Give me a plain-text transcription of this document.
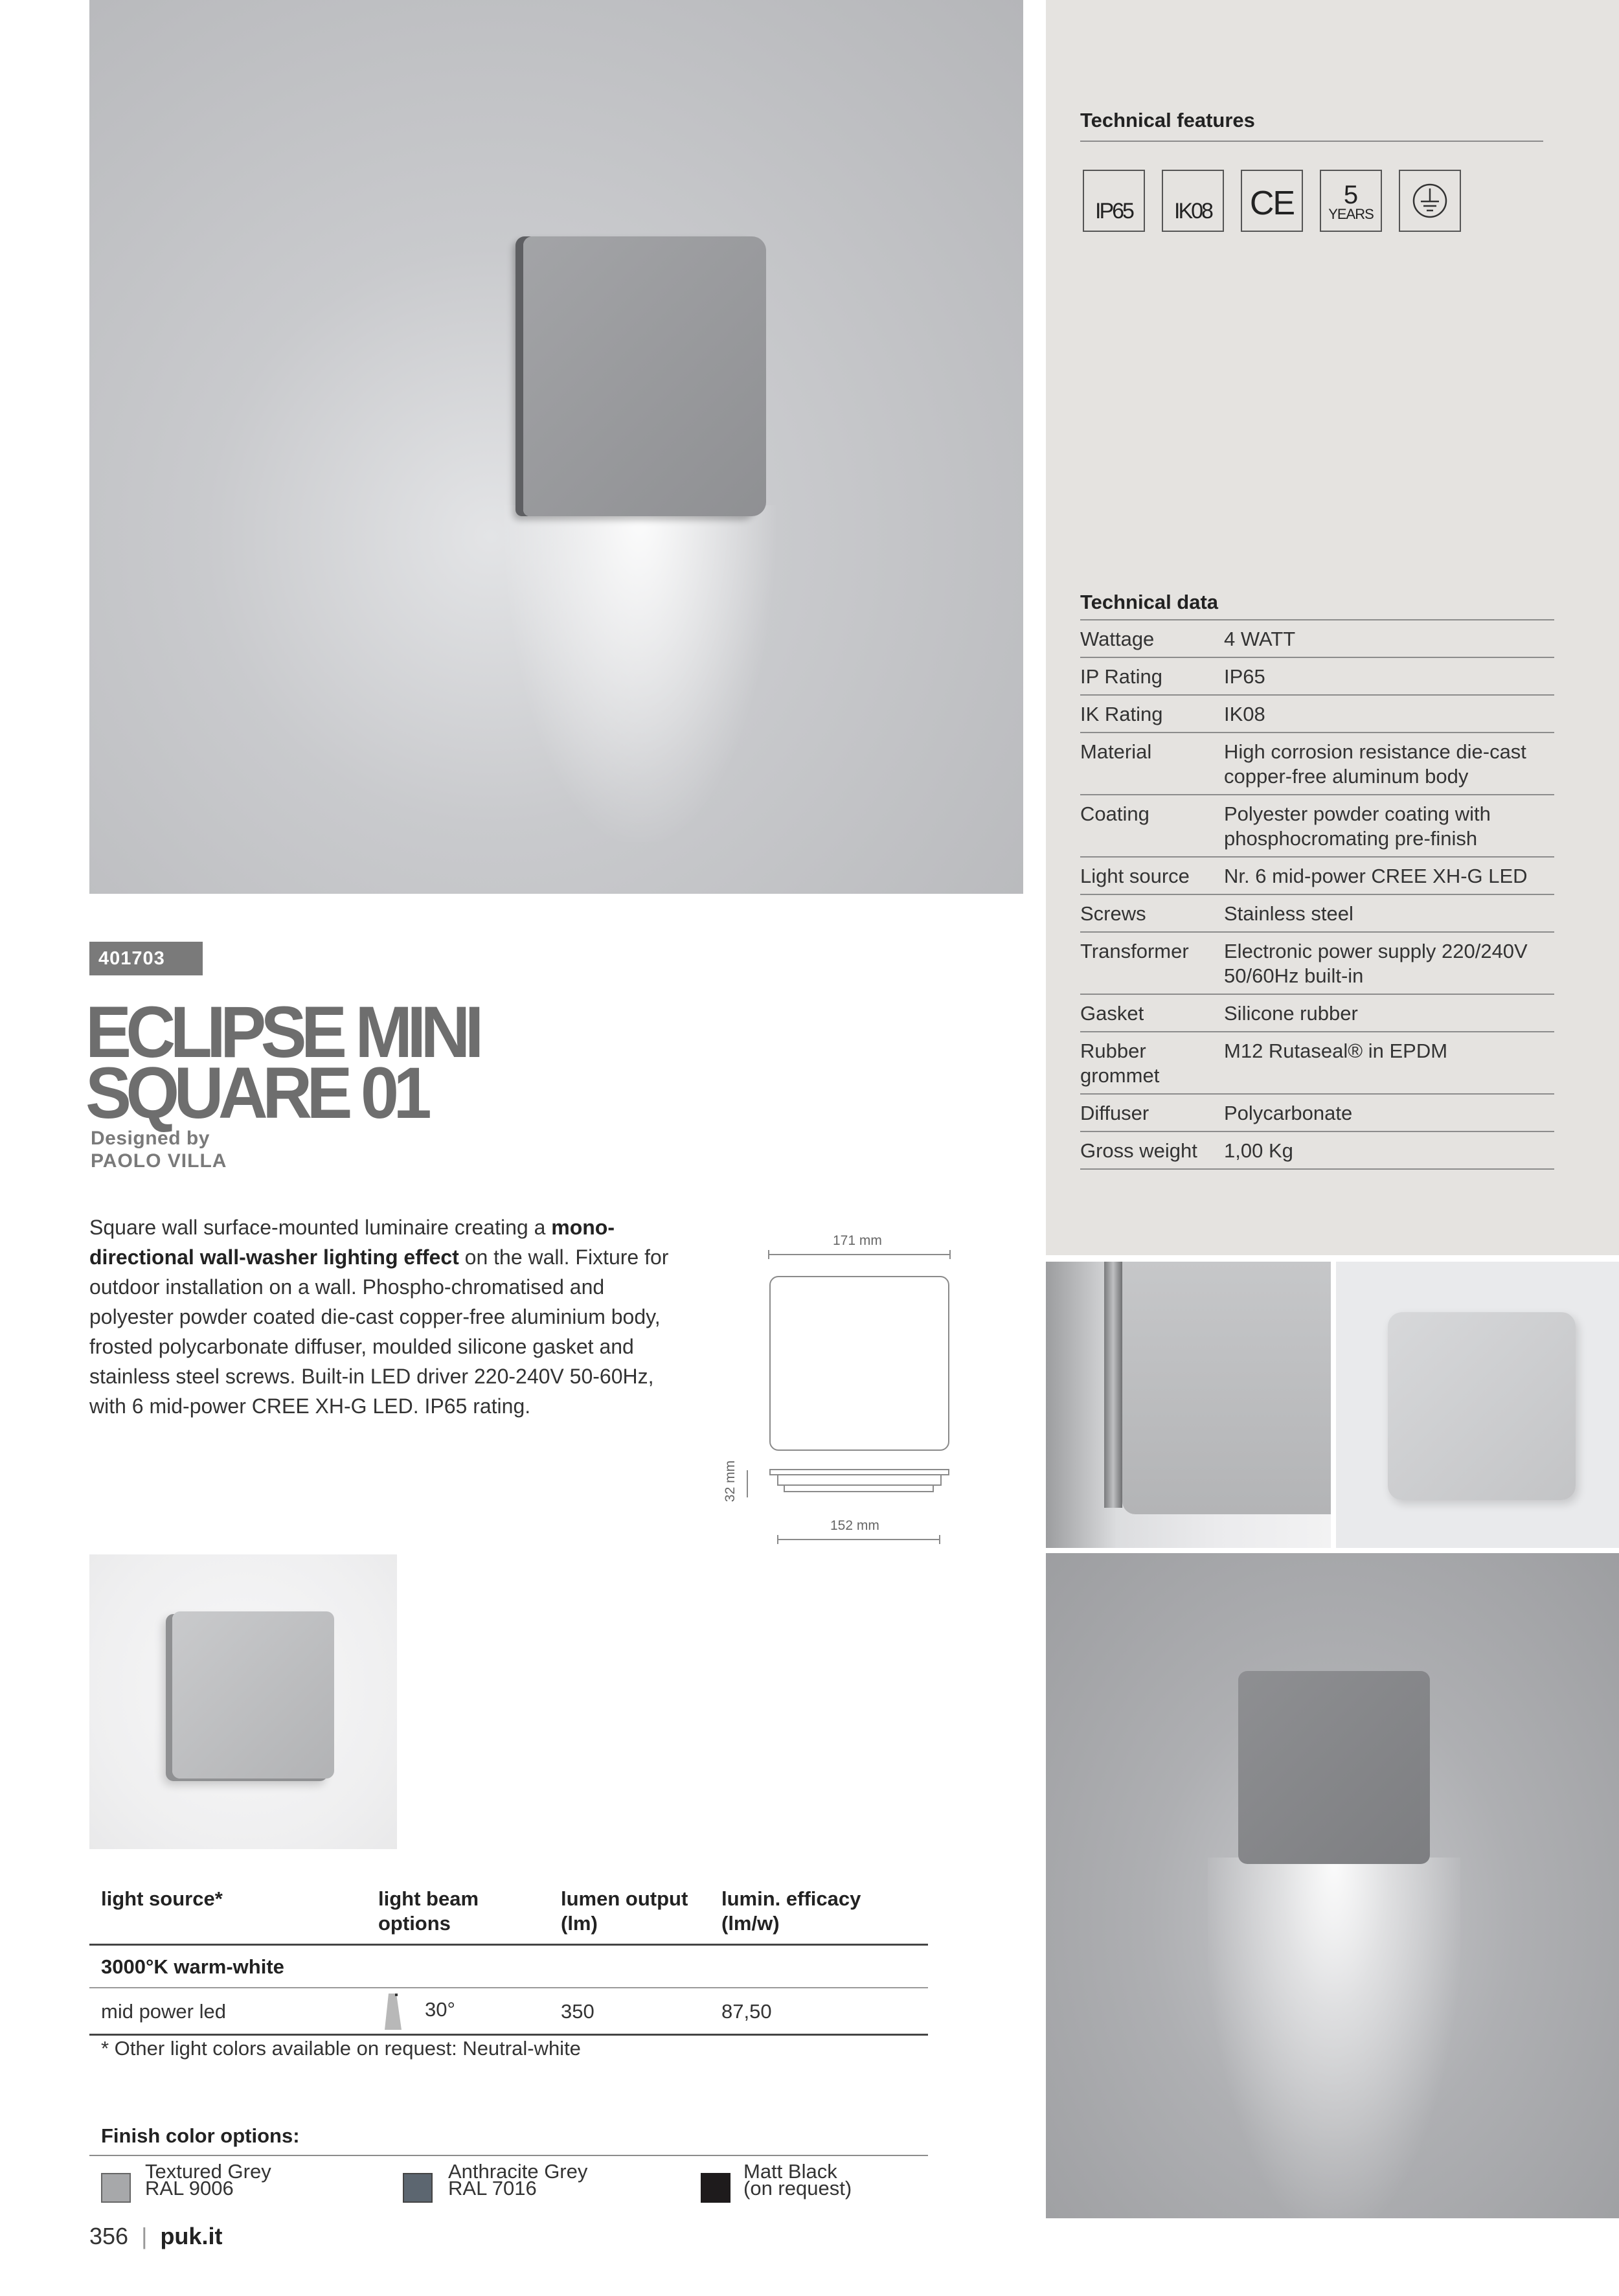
401703
ECLIPSE MINI
SQUARE 01
Designed by
PAOLO VILLA

Square wall surface-mounted luminaire creating a mono-directional wall-washer lighting effect on the wall. Fixture for outdoor installation on a wall. Phospho-chromatised and polyester powder coated die-cast copper-free aluminium body, frosted polycarbonate diffuser, moulded silicone gasket and stainless steel screws. Built-in LED driver 220-240V 50-60Hz, with 6 mid-power CREE XH-G LED. IP65 rating.

171 mm
32 mm
152 mm
Technical features
IP65	IK08	CE	5
YEARS
Technical data
Wattage	4 WATT
IP Rating	IP65
IK Rating	IK08
Material	High corrosion resistance die-cast copper-free aluminum body
Coating	Polyester powder coating with phosphocromating pre-finish
Light source	Nr. 6 mid-power CREE XH-G LED
Screws	Stainless steel
Transformer	Electronic power supply 220/240V 50/60Hz built-in
Gasket	Silicone rubber
Rubber grommet	M12 Rutaseal® in EPDM
Diffuser	Polycarbonate
Gross weight	1,00 Kg
light source*	light beam options	lumen output (lm)	lumin. efficacy (lm/w)
3000°K warm-white			
mid power led	30°	350	87,50
* Other light colors available on request: Neutral-white
Finish color options:
Textured Grey
RAL 9006
Anthracite Grey
RAL 7016
Matt Black
(on request)
356 | puk.it
